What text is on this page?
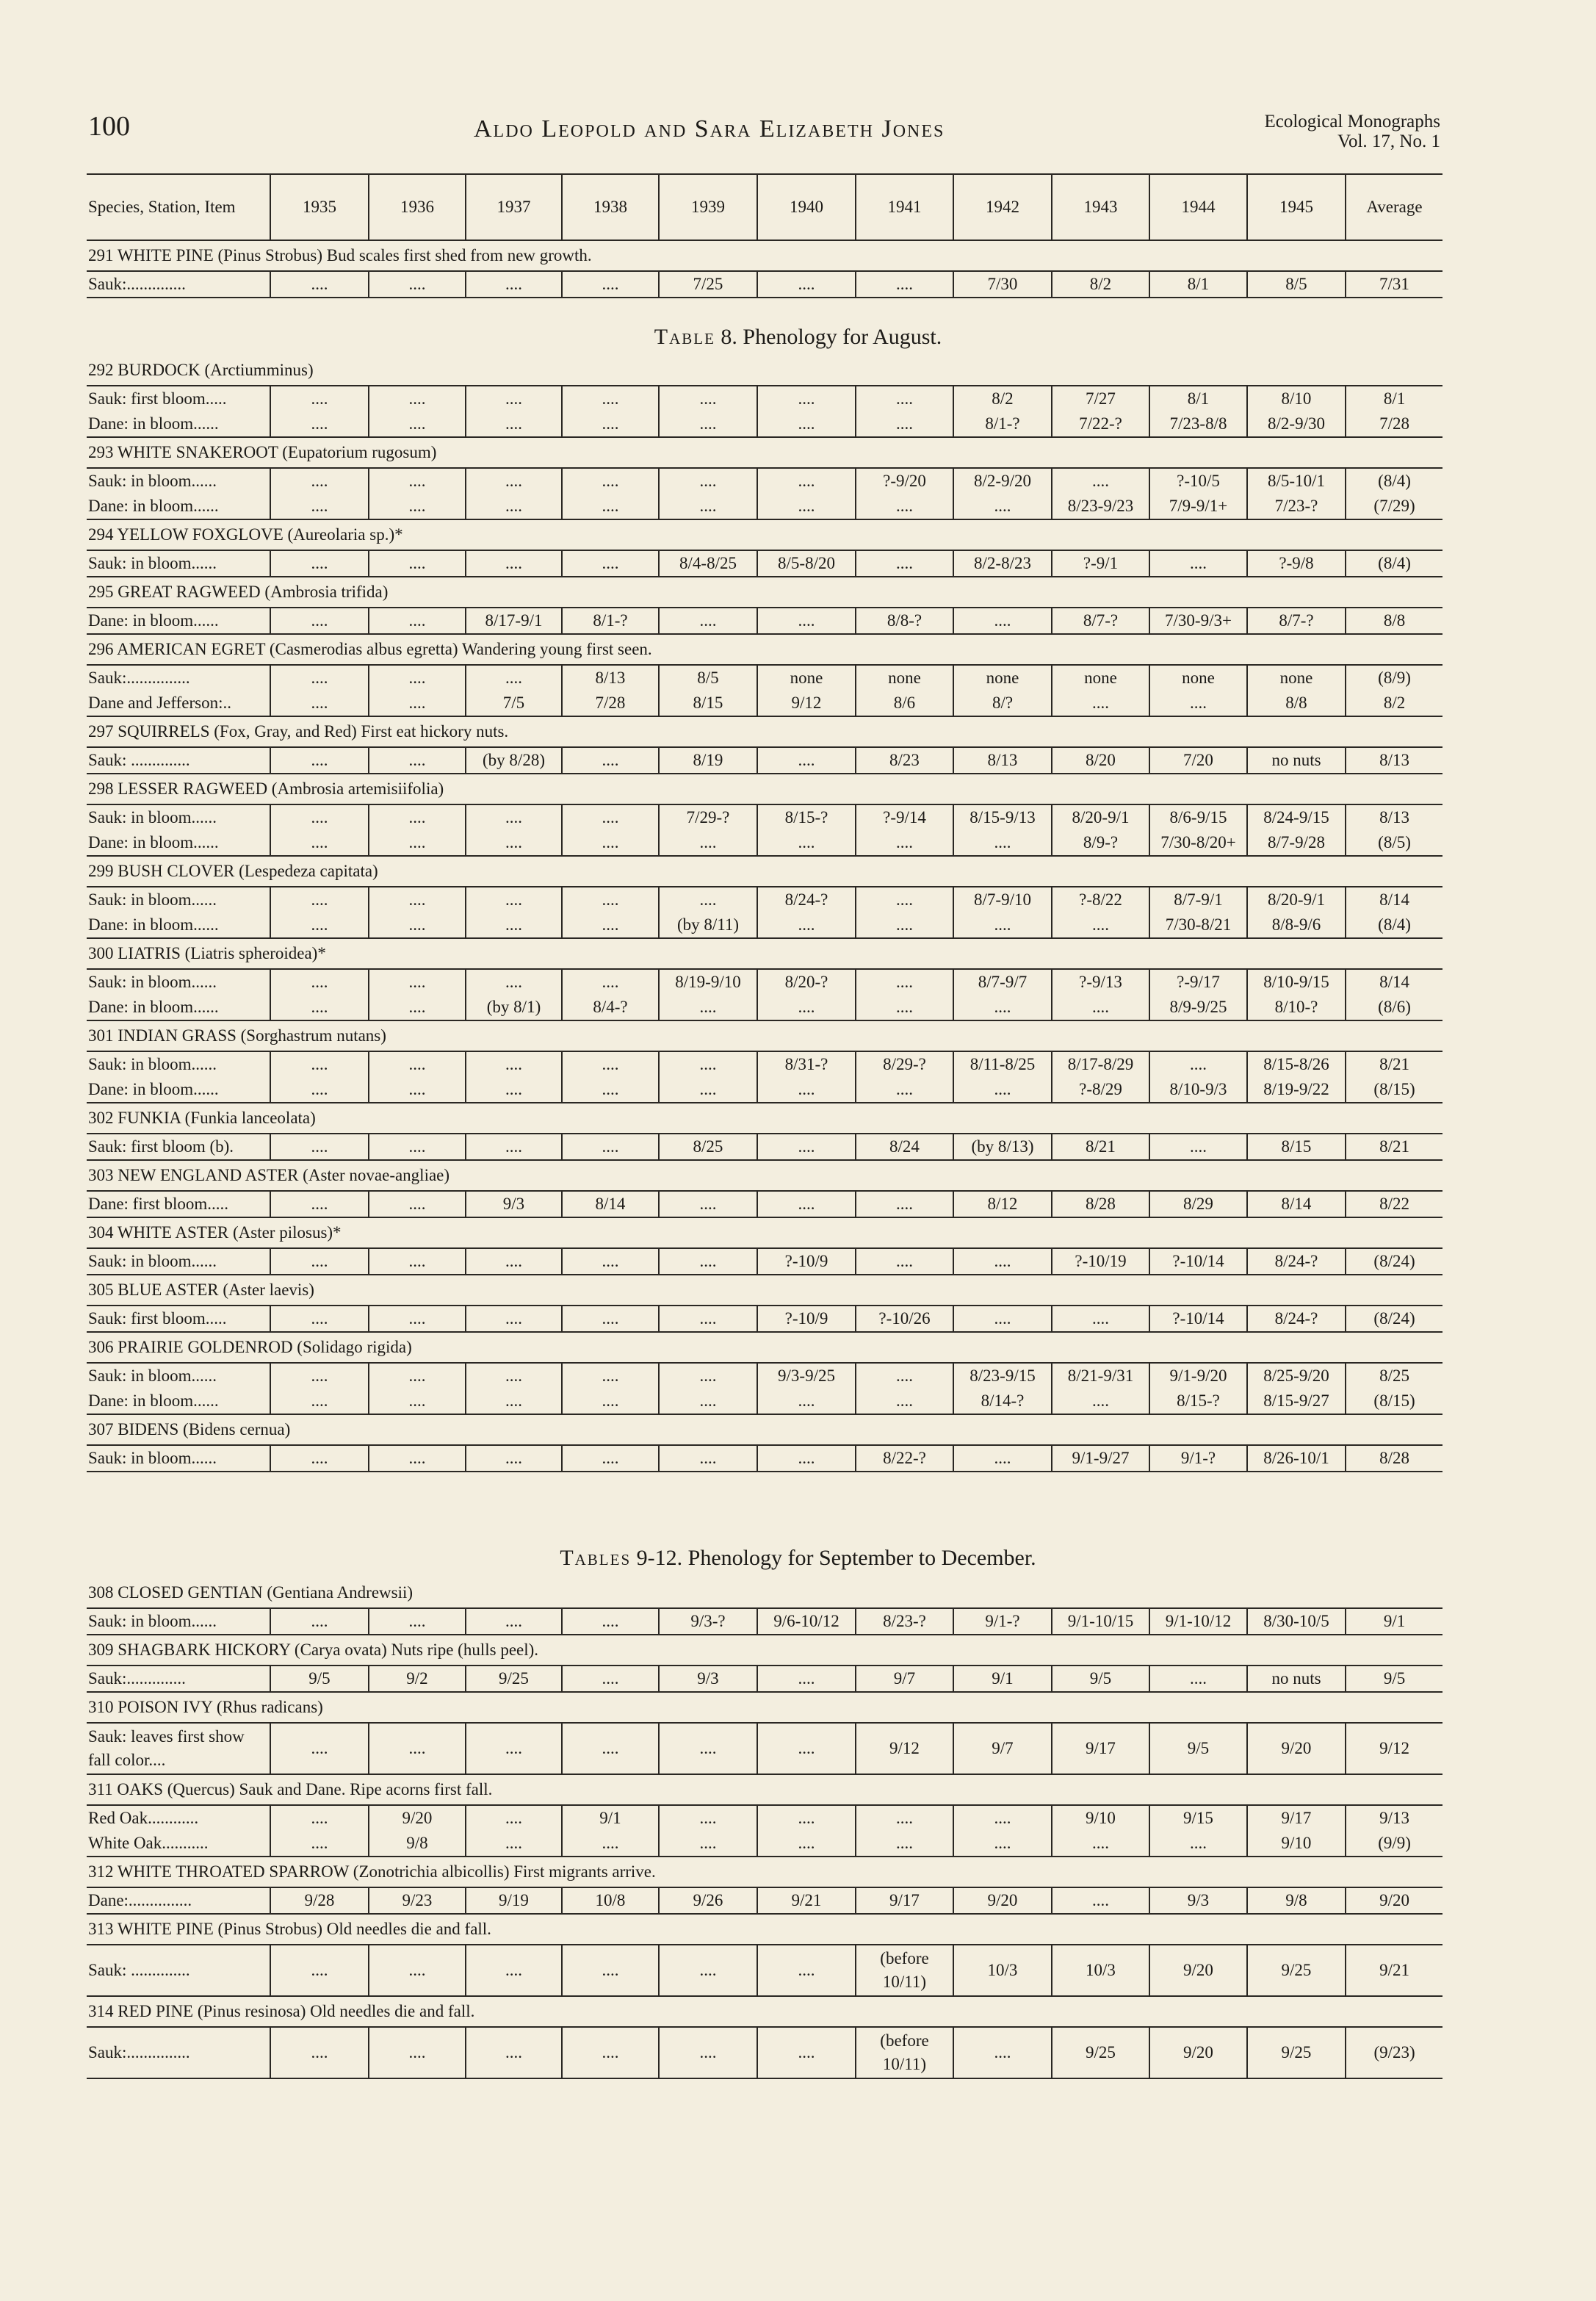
100	Aldo Leopold and Sara Elizabeth Jones	Ecological Monographs
Vol. 17, No. 1
Species, Station, Item	1935	1936	1937	1938	1939	1940	1941	1942	1943	1944	1945	Average
291 WHITE PINE (Pinus Strobus) Bud scales first shed from new growth.												
Sauk:..............	....	....	....	....	7/25	....	....	7/30	8/2	8/1	8/5	7/31
Table 8. Phenology for August.
292 BURDOCK (Arctiumminus)												
Sauk: first bloom.....	....	....	....	....	....	....	....	8/2	7/27	8/1	8/10	8/1
Dane: in bloom......	....	....	....	....	....	....	....	8/1-?	7/22-?	7/23-8/8	8/2-9/30	7/28
293 WHITE SNAKEROOT (Eupatorium rugosum)												
Sauk: in bloom......	....	....	....	....	....	....	?-9/20	8/2-9/20	....	?-10/5	8/5-10/1	(8/4)
Dane: in bloom......	....	....	....	....	....	....	....	....	8/23-9/23	7/9-9/1+	7/23-?	(7/29)
294 YELLOW FOXGLOVE (Aureolaria sp.)*												
Sauk: in bloom......	....	....	....	....	8/4-8/25	8/5-8/20	....	8/2-8/23	?-9/1	....	?-9/8	(8/4)
295 GREAT RAGWEED (Ambrosia trifida)												
Dane: in bloom......	....	....	8/17-9/1	8/1-?	....	....	8/8-?	....	8/7-?	7/30-9/3+	8/7-?	8/8
296 AMERICAN EGRET (Casmerodias albus egretta) Wandering young first seen.												
Sauk:...............	....	....	....	8/13	8/5	none	none	none	none	none	none	(8/9)
Dane and Jefferson:..	....	....	7/5	7/28	8/15	9/12	8/6	8/?	....	....	8/8	8/2
297 SQUIRRELS (Fox, Gray, and Red) First eat hickory nuts.												
Sauk: ..............	....	....	(by 8/28)	....	8/19	....	8/23	8/13	8/20	7/20	no nuts	8/13
298 LESSER RAGWEED (Ambrosia artemisiifolia)												
Sauk: in bloom......	....	....	....	....	7/29-?	8/15-?	?-9/14	8/15-9/13	8/20-9/1	8/6-9/15	8/24-9/15	8/13
Dane: in bloom......	....	....	....	....	....	....	....	....	8/9-?	7/30-8/20+	8/7-9/28	(8/5)
299 BUSH CLOVER (Lespedeza capitata)												
Sauk: in bloom......	....	....	....	....	....	8/24-?	....	8/7-9/10	?-8/22	8/7-9/1	8/20-9/1	8/14
Dane: in bloom......	....	....	....	....	(by 8/11)	....	....	....	....	7/30-8/21	8/8-9/6	(8/4)
300 LIATRIS (Liatris spheroidea)*												
Sauk: in bloom......	....	....	....	....	8/19-9/10	8/20-?	....	8/7-9/7	?-9/13	?-9/17	8/10-9/15	8/14
Dane: in bloom......	....	....	(by 8/1)	8/4-?	....	....	....	....	....	8/9-9/25	8/10-?	(8/6)
301 INDIAN GRASS (Sorghastrum nutans)												
Sauk: in bloom......	....	....	....	....	....	8/31-?	8/29-?	8/11-8/25	8/17-8/29	....	8/15-8/26	8/21
Dane: in bloom......	....	....	....	....	....	....	....	....	?-8/29	8/10-9/3	8/19-9/22	(8/15)
302 FUNKIA (Funkia lanceolata)												
Sauk: first bloom (b).	....	....	....	....	8/25	....	8/24	(by 8/13)	8/21	....	8/15	8/21
303 NEW ENGLAND ASTER (Aster novae-angliae)												
Dane: first bloom.....	....	....	9/3	8/14	....	....	....	8/12	8/28	8/29	8/14	8/22
304 WHITE ASTER (Aster pilosus)*												
Sauk: in bloom......	....	....	....	....	....	?-10/9	....	....	?-10/19	?-10/14	8/24-?	(8/24)
305 BLUE ASTER (Aster laevis)												
Sauk: first bloom.....	....	....	....	....	....	?-10/9	?-10/26	....	....	?-10/14	8/24-?	(8/24)
306 PRAIRIE GOLDENROD (Solidago rigida)												
Sauk: in bloom......	....	....	....	....	....	9/3-9/25	....	8/23-9/15	8/21-9/31	9/1-9/20	8/25-9/20	8/25
Dane: in bloom......	....	....	....	....	....	....	....	8/14-?	....	8/15-?	8/15-9/27	(8/15)
307 BIDENS (Bidens cernua)												
Sauk: in bloom......	....	....	....	....	....	....	8/22-?	....	9/1-9/27	9/1-?	8/26-10/1	8/28
Tables 9-12. Phenology for September to December.
308 CLOSED GENTIAN (Gentiana Andrewsii)												
Sauk: in bloom......	....	....	....	....	9/3-?	9/6-10/12	8/23-?	9/1-?	9/1-10/15	9/1-10/12	8/30-10/5	9/1
309 SHAGBARK HICKORY (Carya ovata) Nuts ripe (hulls peel).												
Sauk:..............	9/5	9/2	9/25	....	9/3	....	9/7	9/1	9/5	....	no nuts	9/5
310 POISON IVY (Rhus radicans)												
Sauk: leaves first show fall color....	....	....	....	....	....	....	9/12	9/7	9/17	9/5	9/20	9/12
311 OAKS (Quercus) Sauk and Dane. Ripe acorns first fall.												
Red Oak............	....	9/20	....	9/1	....	....	....	....	9/10	9/15	9/17	9/13
White Oak...........	....	9/8	....	....	....	....	....	....	....	....	9/10	(9/9)
312 WHITE THROATED SPARROW (Zonotrichia albicollis) First migrants arrive.												
Dane:...............	9/28	9/23	9/19	10/8	9/26	9/21	9/17	9/20	....	9/3	9/8	9/20
313 WHITE PINE (Pinus Strobus) Old needles die and fall.												
Sauk: ..............	....	....	....	....	....	....	(before 10/11)	10/3	10/3	9/20	9/25	9/21
314 RED PINE (Pinus resinosa) Old needles die and fall.												
Sauk:...............	....	....	....	....	....	....	(before 10/11)	....	9/25	9/20	9/25	(9/23)
